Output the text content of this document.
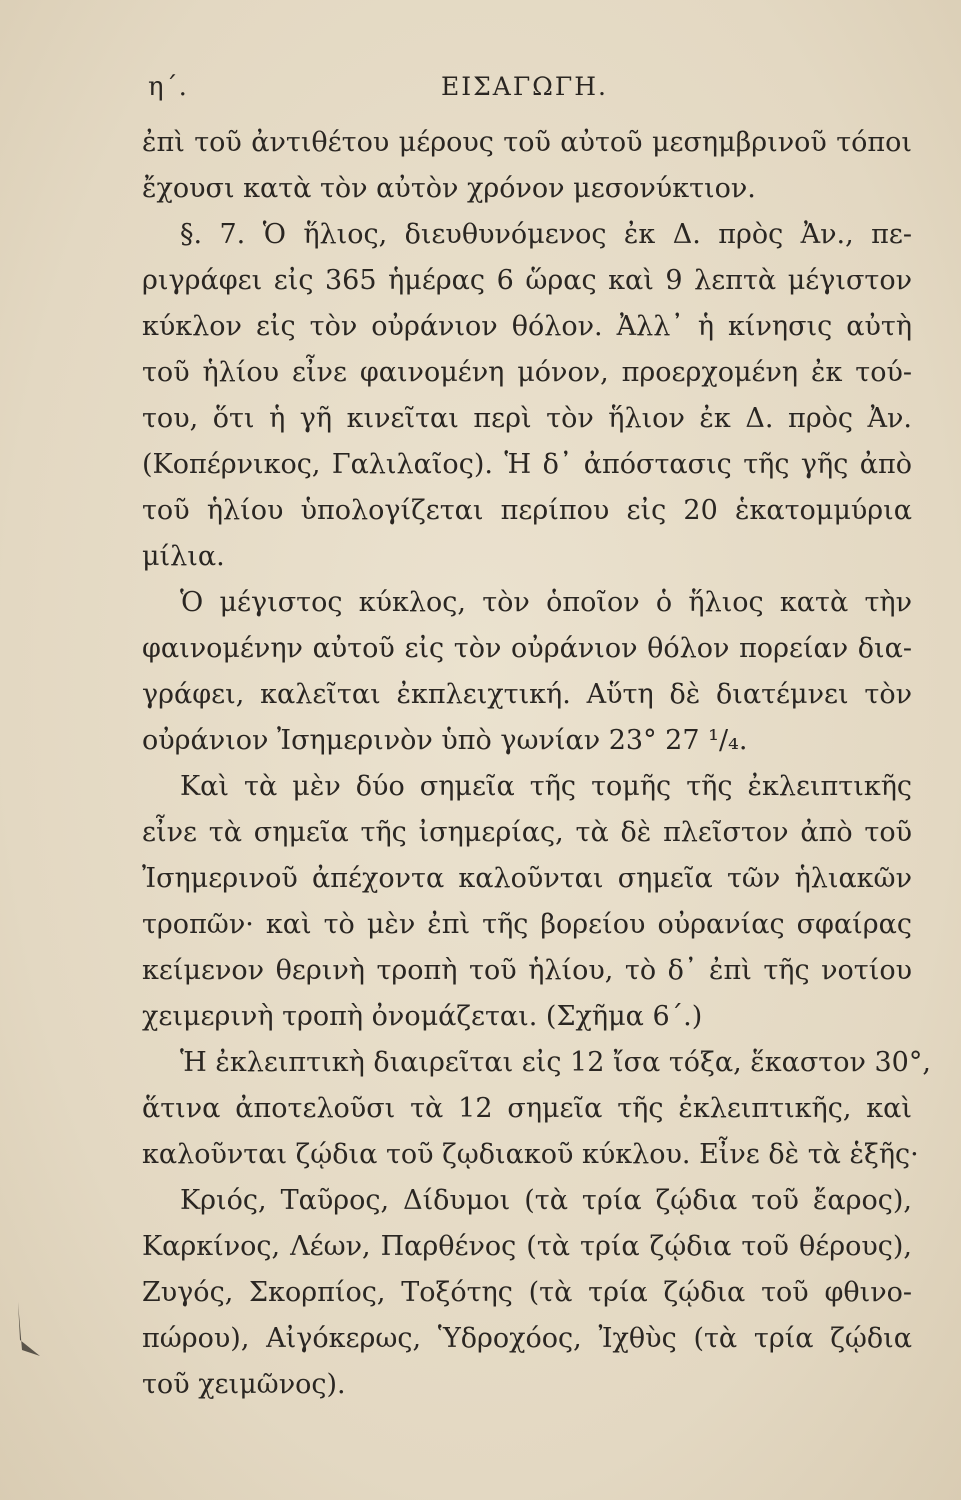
η΄.	ΕΙΣΑΓΩΓΗ.
ἐπὶ τοῦ ἀντιθέτου μέρους τοῦ αὐτοῦ μεσημβρινοῦ τόποι
ἔχουσι κατὰ τὸν αὐτὸν χρόνον μεσονύκτιον.
§. 7. Ὁ ἥλιος, διευθυνόμενος ἐκ Δ. πρὸς Ἀν., πε-
ριγράφει εἰς 365 ἡμέρας 6 ὥρας καὶ 9 λεπτὰ μέγιστον
κύκλον εἰς τὸν οὐράνιον θόλον. Ἀλλ᾽ ἡ κίνησις αὐτὴ
τοῦ ἡλίου εἶνε φαινομένη μόνον, προερχομένη ἐκ τού-
του, ὅτι ἡ γῆ κινεῖται περὶ τὸν ἥλιον ἐκ Δ. πρὸς Ἀν.
(Κοπέρνικος, Γαλιλαῖος). Ἡ δ᾽ ἀπόστασις τῆς γῆς ἀπὸ
τοῦ ἡλίου ὑπολογίζεται περίπου εἰς 20 ἑκατομμύρια
μίλια.
Ὁ μέγιστος κύκλος, τὸν ὁποῖον ὁ ἥλιος κατὰ τὴν
φαινομένην αὐτοῦ εἰς τὸν οὐράνιον θόλον πορείαν δια-
γράφει, καλεῖται ἐκπλειχτική. Αὕτη δὲ διατέμνει τὸν
οὐράνιον Ἰσημερινὸν ὑπὸ γωνίαν 23° 27 ¹/₄.
Καὶ τὰ μὲν δύο σημεῖα τῆς τομῆς τῆς ἐκλειπτικῆς
εἶνε τὰ σημεῖα τῆς ἰσημερίας, τὰ δὲ πλεῖστον ἀπὸ τοῦ
Ἰσημερινοῦ ἀπέχοντα καλοῦνται σημεῖα τῶν ἡλιακῶν
τροπῶν· καὶ τὸ μὲν ἐπὶ τῆς βορείου οὐρανίας σφαίρας
κείμενον θερινὴ τροπὴ τοῦ ἡλίου, τὸ δ᾽ ἐπὶ τῆς νοτίου
χειμερινὴ τροπὴ ὀνομάζεται. (Σχῆμα 6΄.)
Ἡ ἐκλειπτικὴ διαιρεῖται εἰς 12 ἴσα τόξα, ἕκαστον 30°,
ἅτινα ἀποτελοῦσι τὰ 12 σημεῖα τῆς ἐκλειπτικῆς, καὶ
καλοῦνται ζῴδια τοῦ ζῳδιακοῦ κύκλου. Εἶνε δὲ τὰ ἑξῆς·
Κριός, Ταῦρος, Δίδυμοι (τὰ τρία ζῴδια τοῦ ἔαρος),
Καρκίνος, Λέων, Παρθένος (τὰ τρία ζῴδια τοῦ θέρους),
Ζυγός, Σκορπίος, Τοξότης (τὰ τρία ζῴδια τοῦ φθινο-
πώρου), Αἰγόκερως, Ὑδροχόος, Ἰχθὺς (τὰ τρία ζῴδια
τοῦ χειμῶνος).
